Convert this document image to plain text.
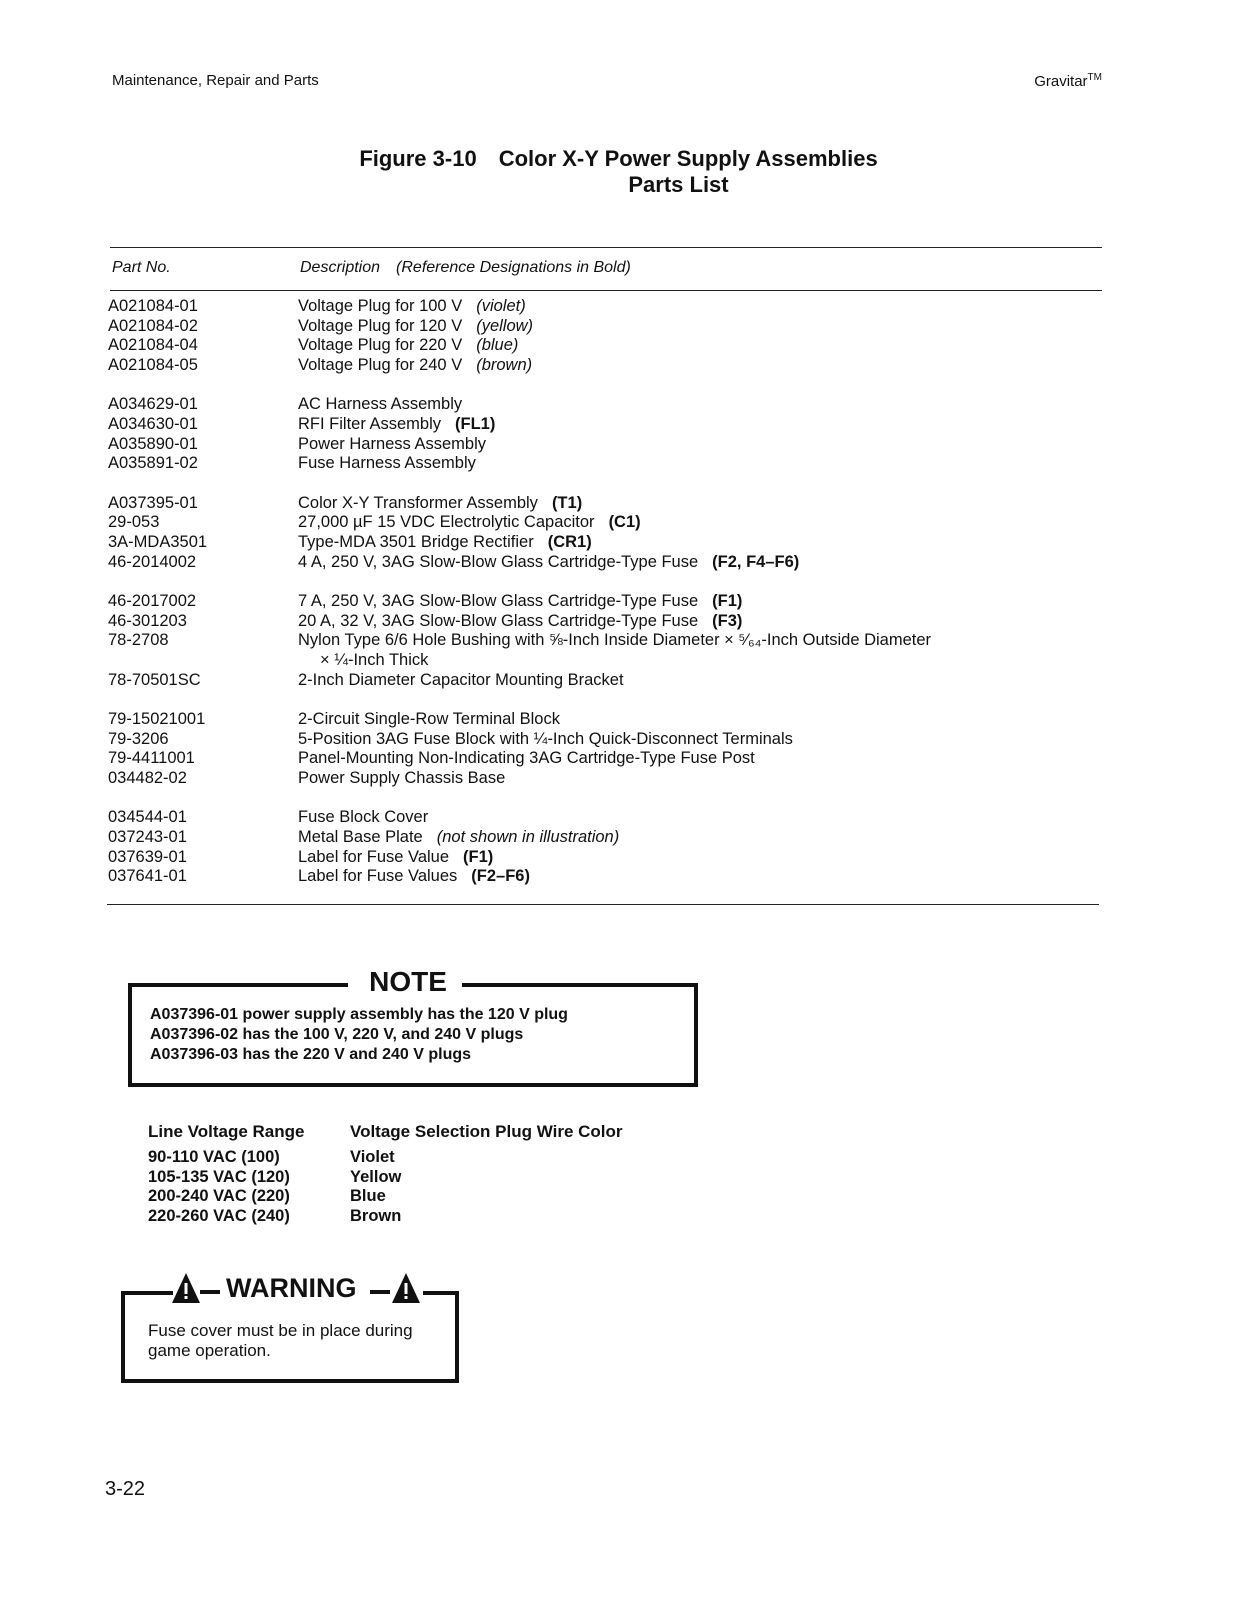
Maintenance, Repair and Parts	Gravitar™
Figure 3-10 Color X-Y Power Supply Assemblies
Parts List
Part No.	Description (Reference Designations in Bold)
A021084-01	Voltage Plug for 100 V (violet)
A021084-02	Voltage Plug for 120 V (yellow)
A021084-04	Voltage Plug for 220 V (blue)
A021084-05	Voltage Plug for 240 V (brown)
A034629-01	AC Harness Assembly
A034630-01	RFI Filter Assembly (FL1)
A035890-01	Power Harness Assembly
A035891-02	Fuse Harness Assembly
A037395-01	Color X-Y Transformer Assembly (T1)
29-053	27,000 µF 15 VDC Electrolytic Capacitor (C1)
3A-MDA3501	Type-MDA 3501 Bridge Rectifier (CR1)
46-2014002	4 A, 250 V, 3AG Slow-Blow Glass Cartridge-Type Fuse (F2, F4–F6)
46-2017002	7 A, 250 V, 3AG Slow-Blow Glass Cartridge-Type Fuse (F1)
46-301203	20 A, 32 V, 3AG Slow-Blow Glass Cartridge-Type Fuse (F3)
78-2708	Nylon Type 6/6 Hole Bushing with ⅝-Inch Inside Diameter × ⁵⁄₆₄-Inch Outside Diameter
× ¼-Inch Thick
78-70501SC	2-Inch Diameter Capacitor Mounting Bracket
79-15021001	2-Circuit Single-Row Terminal Block
79-3206	5-Position 3AG Fuse Block with ¼-Inch Quick-Disconnect Terminals
79-4411001	Panel-Mounting Non-Indicating 3AG Cartridge-Type Fuse Post
034482-02	Power Supply Chassis Base
034544-01	Fuse Block Cover
037243-01	Metal Base Plate (not shown in illustration)
037639-01	Label for Fuse Value (F1)
037641-01	Label for Fuse Values (F2–F6)
NOTE
A037396-01 power supply assembly has the 120 V plug
A037396-02 has the 100 V, 220 V, and 240 V plugs
A037396-03 has the 220 V and 240 V plugs
Line Voltage Range	Voltage Selection Plug Wire Color
90-110 VAC (100)	Violet
105-135 VAC (120)	Yellow
200-240 VAC (220)	Blue
220-260 VAC (240)	Brown
WARNING
Fuse cover must be in place during
game operation.
3-22
